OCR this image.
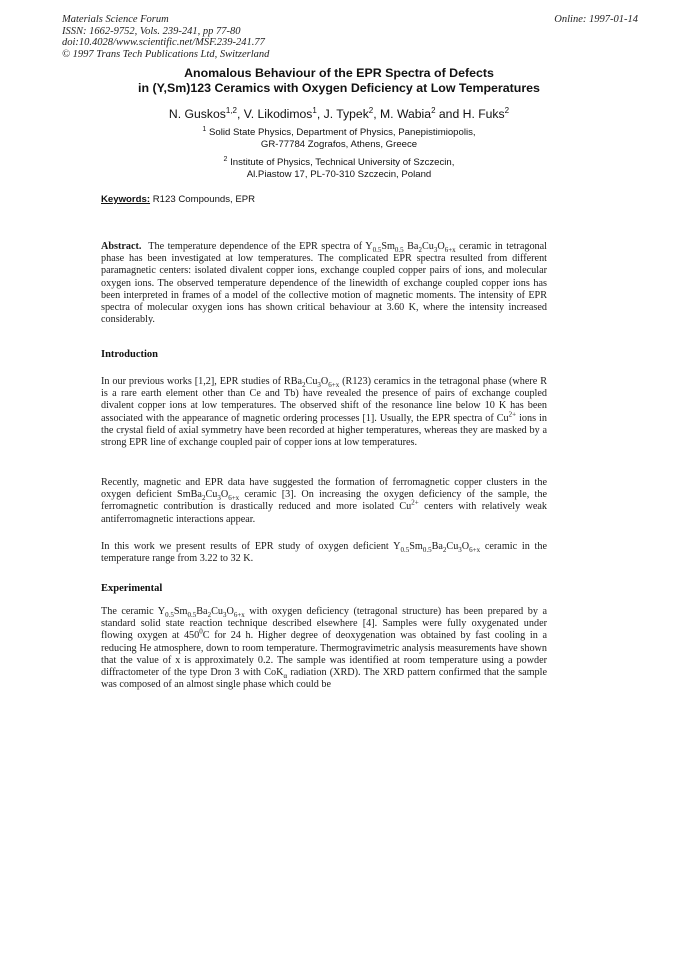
Materials Science Forum
ISSN: 1662-9752, Vols. 239-241, pp 77-80
doi:10.4028/www.scientific.net/MSF.239-241.77
© 1997 Trans Tech Publications Ltd, Switzerland
Online: 1997-01-14
Anomalous Behaviour of the EPR Spectra of Defects
in (Y,Sm)123 Ceramics with Oxygen Deficiency at Low Temperatures
N. Guskos$^{1,2}$, V. Likodimos$^1$, J. Typek$^2$, M. Wabia$^2$ and H. Fuks$^2$
$^1$ Solid State Physics, Department of Physics, Panepistimiopolis,
GR-77784 Zografos, Athens, Greece
$^2$ Institute of Physics, Technical University of Szczecin,
Al.Piastow 17, PL-70-310 Szczecin, Poland
Keywords: R123 Compounds, EPR
Abstract. The temperature dependence of the EPR spectra of $Y_{0.5}Sm_{0.5}$ $Ba_2Cu_3O_{6+x}$ ceramic in tetragonal phase has been investigated at low temperatures. The complicated EPR spectra resulted from different paramagnetic centers: isolated divalent copper ions, exchange coupled copper pairs of ions, and molecular oxygen ions. The observed temperature dependence of the linewidth of exchange coupled copper ions has been interpreted in frames of a model of the collective motion of magnetic moments. The intensity of EPR spectra of molecular oxygen ions has shown critical behaviour at 3.60 K, where the intensity increased considerably.
Introduction
In our previous works [1,2], EPR studies of $RBa_2Cu_3O_{6+x}$ (R123) ceramics in the tetragonal phase (where R is a rare earth element other than Ce and Tb) have revealed the presence of pairs of exchange coupled divalent copper ions at low temperatures. The observed shift of the resonance line below 10 K has been associated with the appearance of magnetic ordering processes [1]. Usually, the EPR spectra of $Cu^{2+}$ ions in the crystal field of axial symmetry have been recorded at higher temperatures, whereas they are masked by a strong EPR line of exchange coupled pair of copper ions at low temperatures.
Recently, magnetic and EPR data have suggested the formation of ferromagnetic copper clusters in the oxygen deficient $SmBa_2Cu_3O_{6+x}$ ceramic [3]. On increasing the oxygen deficiency of the sample, the ferromagnetic contribution is drastically reduced and more isolated $Cu^{2+}$ centers with relatively weak antiferromagnetic interactions appear.
In this work we present results of EPR study of oxygen deficient $Y_{0.5}Sm_{0.5}Ba_2Cu_3O_{6+x}$ ceramic in the temperature range from 3.22 to 32 K.
Experimental
The ceramic $Y_{0.5}Sm_{0.5}Ba_2Cu_3O_{6+x}$ with oxygen deficiency (tetragonal structure) has been prepared by a standard solid state reaction technique described elsewhere [4]. Samples were fully oxygenated under flowing oxygen at $450^0C$ for 24 h. Higher degree of deoxygenation was obtained by fast cooling in a reducing He atmosphere, down to room temperature. Thermogravimetric analysis measurements have shown that the value of x is approximately 0.2. The sample was identified at room temperature using a powder diffractometer of the type Dron 3 with CoK$_\alpha$ radiation (XRD). The XRD pattern confirmed that the sample was composed of an almost single phase which could be
